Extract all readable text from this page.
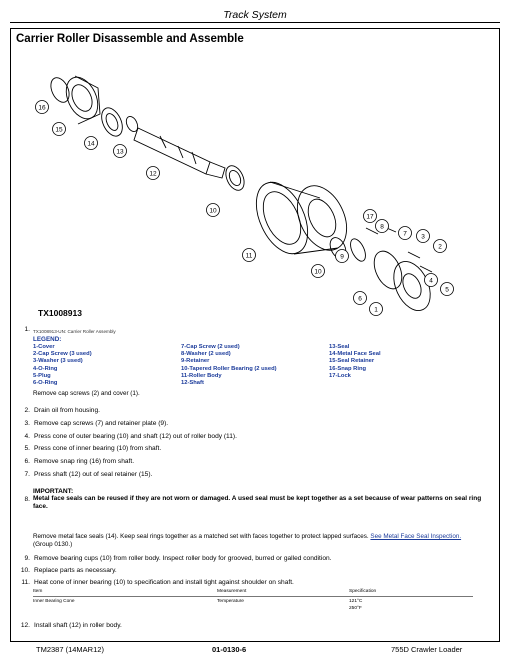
Track System
Carrier Roller Disassemble and Assemble
16
15
14
13
12
10
11
10
9
17
8
7 3
2
4
5
6
1
TX1008913
1. TX1008913-UN: Carrier Roller Assembly
LEGEND:
1-Cover
2-Cap Screw (3 used)
3-Washer (3 used)
4-O-Ring
5-Plug
6-O-Ring
7-Cap Screw (2 used)
8-Washer (2 used)
9-Retainer
10-Tapered Roller Bearing (2 used)
11-Roller Body
12-Shaft
13-Seal
14-Metal Face Seal
15-Seal Retainer
16-Snap Ring
17-Lock
Remove cap screws (2) and cover (1).
2. Drain oil from housing.
3. Remove cap screws (7) and retainer plate (9).
4. Press cone of outer bearing (10) and shaft (12) out of roller body (11).
5. Press cone of inner bearing (10) from shaft.
6. Remove snap ring (16) from shaft.
7. Press shaft (12) out of seal retainer (15).
8.
IMPORTANT:
Metal face seals can be reused if they are not worn or damaged. A used seal must be kept together as a set because of wear patterns on seal ring face.
Remove metal face seals (14). Keep seal rings together as a matched set with faces together to protect lapped surfaces. See Metal Face Seal Inspection. (Group 0130.)
9. Remove bearing cups (10) from roller body. Inspect roller body for grooved, burred or galled condition.
10. Replace parts as necessary.
11. Heat cone of inner bearing (10) to specification and install tight against shoulder on shaft.
Item	Measurement	Specification
Inner Bearing Cone	Temperature	121°C
250°F
12. Install shaft (12) in roller body.
TM2387 (14MAR12)	01-0130-6	755D Crawler Loader
